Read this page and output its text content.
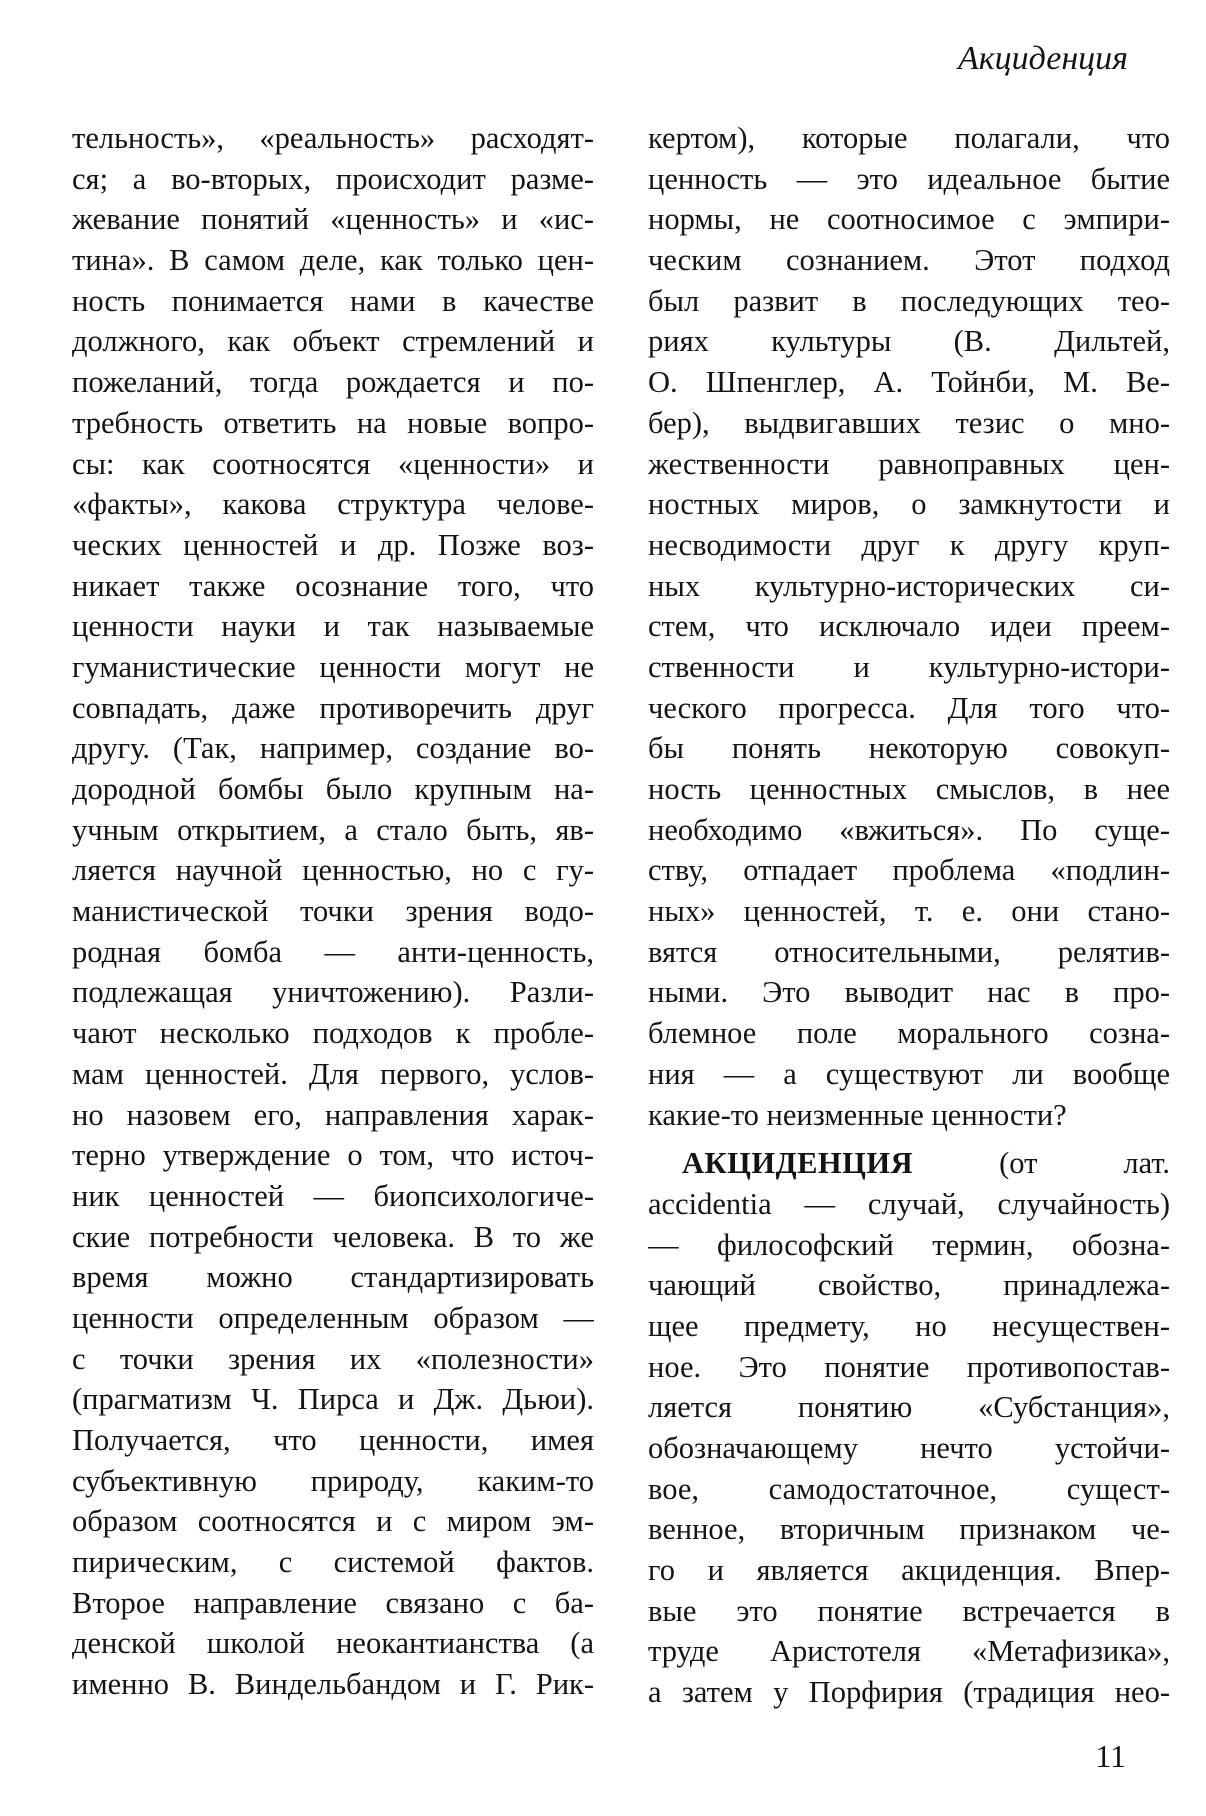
Акциденция
тельность», «реальность» расходят-
ся; а во-вторых, происходит разме-
жевание понятий «ценность» и «ис-
тина». В самом деле, как только цен-
ность понимается нами в качестве
должного, как объект стремлений и
пожеланий, тогда рождается и по-
требность ответить на новые вопро-
сы: как соотносятся «ценности» и
«факты», какова структура челове-
ческих ценностей и др. Позже воз-
никает также осознание того, что
ценности науки и так называемые
гуманистические ценности могут не
совпадать, даже противоречить друг
другу. (Так, например, создание во-
дородной бомбы было крупным на-
учным открытием, а стало быть, яв-
ляется научной ценностью, но с гу-
манистической точки зрения водо-
родная бомба — анти-ценность,
подлежащая уничтожению). Разли-
чают несколько подходов к пробле-
мам ценностей. Для первого, услов-
но назовем его, направления харак-
терно утверждение о том, что источ-
ник ценностей — биопсихологиче-
ские потребности человека. В то же
время можно стандартизировать
ценности определенным образом —
с точки зрения их «полезности»
(прагматизм Ч. Пирса и Дж. Дьюи).
Получается, что ценности, имея
субъективную природу, каким-то
образом соотносятся и с миром эм-
пирическим, с системой фактов.
Второе направление связано с ба-
денской школой неокантианства (а
именно В. Виндельбандом и Г. Рик-
кертом), которые полагали, что
ценность — это идеальное бытие
нормы, не соотносимое с эмпири-
ческим сознанием. Этот подход
был развит в последующих тео-
риях культуры (В. Дильтей,
О. Шпенглер, А. Тойнби, М. Ве-
бер), выдвигавших тезис о мно-
жественности равноправных цен-
ностных миров, о замкнутости и
несводимости друг к другу круп-
ных культурно-исторических си-
стем, что исключало идеи преем-
ственности и культурно-истори-
ческого прогресса. Для того что-
бы понять некоторую совокуп-
ность ценностных смыслов, в нее
необходимо «вжиться». По суще-
ству, отпадает проблема «подлин-
ных» ценностей, т. е. они стано-
вятся относительными, релятив-
ными. Это выводит нас в про-
блемное поле морального созна-
ния — а существуют ли вообще
какие-то неизменные ценности?
АКЦИДЕНЦИЯ	(от лат.
accidentia — случай, случайность)
— философский термин, обозна-
чающий свойство, принадлежа-
щее предмету, но несуществен-
ное. Это понятие противопостав-
ляется понятию «Субстанция»,
обозначающему нечто устойчи-
вое, самодостаточное, сущест-
венное, вторичным признаком че-
го и является акциденция. Впер-
вые это понятие встречается в
труде Аристотеля «Метафизика»,
а затем у Порфирия (традиция нео-
11
